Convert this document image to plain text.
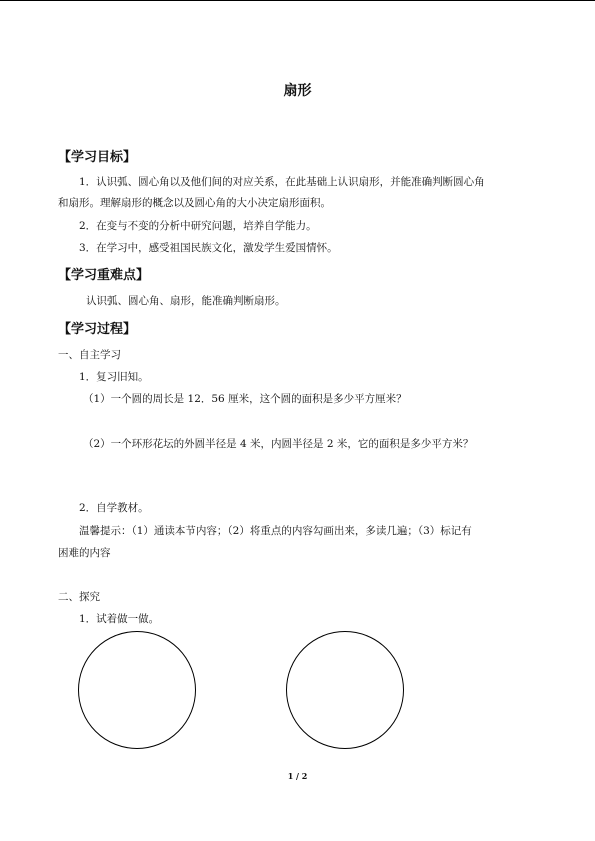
扇形
【学习目标】
1．认识弧、圆心角以及他们间的对应关系，在此基础上认识扇形，并能准确判断圆心角
和扇形。理解扇形的概念以及圆心角的大小决定扇形面积。
2．在变与不变的分析中研究问题，培养自学能力。
3．在学习中，感受祖国民族文化，激发学生爱国情怀。
【学习重难点】
认识弧、圆心角、扇形，能准确判断扇形。
【学习过程】
一、自主学习
1．复习旧知。
（1）一个圆的周长是 12．56 厘米，这个圆的面积是多少平方厘米？
（2）一个环形花坛的外圆半径是 4 米，内圆半径是 2 米，它的面积是多少平方米？
2．自学教材。
温馨提示：（1）通读本节内容；（2）将重点的内容勾画出来，多读几遍；（3）标记有
困难的内容
二、探究
1．试着做一做。
1 / 2
